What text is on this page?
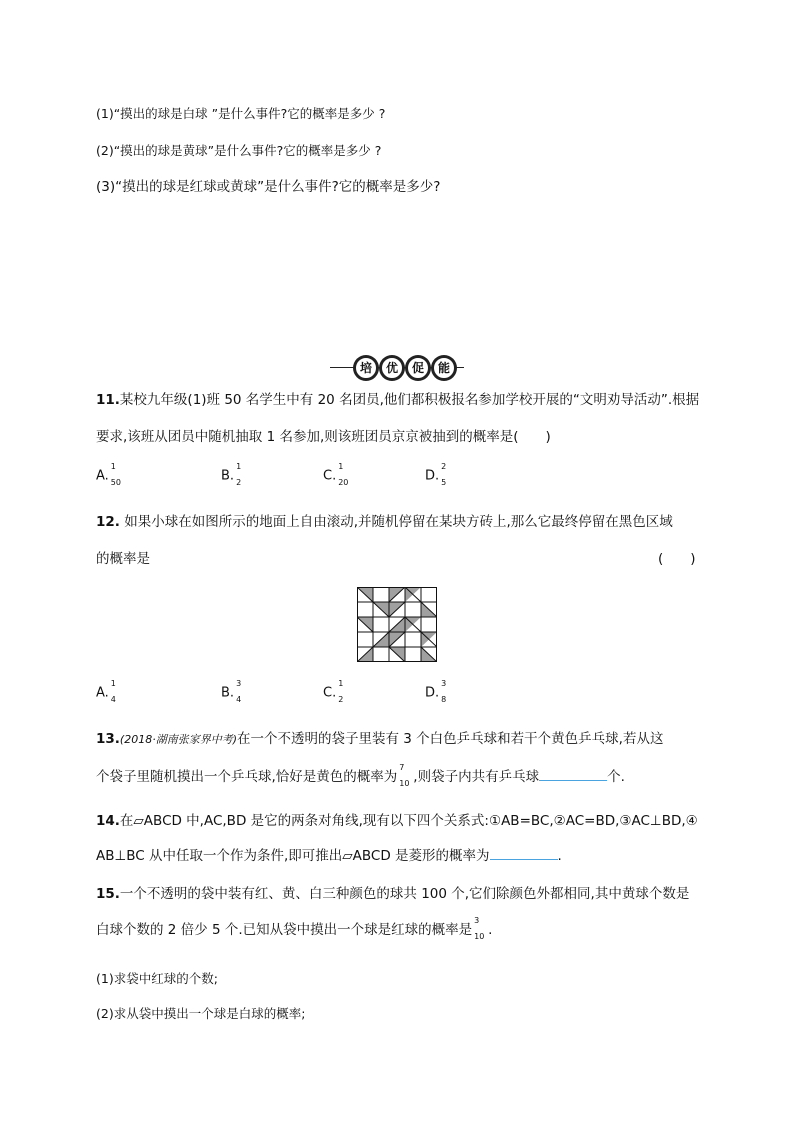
(1)“摸出的球是白球 ”是什么事件?它的概率是多少 ?
(2)“摸出的球是黄球”是什么事件?它的概率是多少 ?
(3)“摸出的球是红球或黄球”是什么事件?它的概率是多少?
培	优	促	能
11.某校九年级(1)班 50 名学生中有 20 名团员,他们都积极报名参加学校开展的“文明劝导活动”.根据
要求,该班从团员中随机抽取 1 名参加,则该班团员京京被抽到的概率是(　　)
A.
1
50	B.
1
2	C.
1
20	D.
2
5
12. 如果小球在如图所示的地面上自由滚动,并随机停留在某块方砖上,那么它最终停留在黑色区域
的概率是	(　　)
A.
1
4	B.
3
4	C.
1
2	D.
3
8
13.(2018·湖南张家界中考)在一个不透明的袋子里装有 3 个白色乒乓球和若干个黄色乒乓球,若从这
个袋子里随机摸出一个乒乓球,恰好是黄色的概率为
7
10 ,则袋子内共有乒乓球	个.
14.在▱ABCD 中,AC,BD 是它的两条对角线,现有以下四个关系式:①AB=BC,②AC=BD,③AC⊥BD,④
AB⊥BC 从中任取一个作为条件,即可推出▱ABCD 是菱形的概率为	.
15.一个不透明的袋中装有红、黄、白三种颜色的球共 100 个,它们除颜色外都相同,其中黄球个数是
白球个数的 2 倍少 5 个.已知从袋中摸出一个球是红球的概率是
3
10 .
(1)求袋中红球的个数;
(2)求从袋中摸出一个球是白球的概率;
